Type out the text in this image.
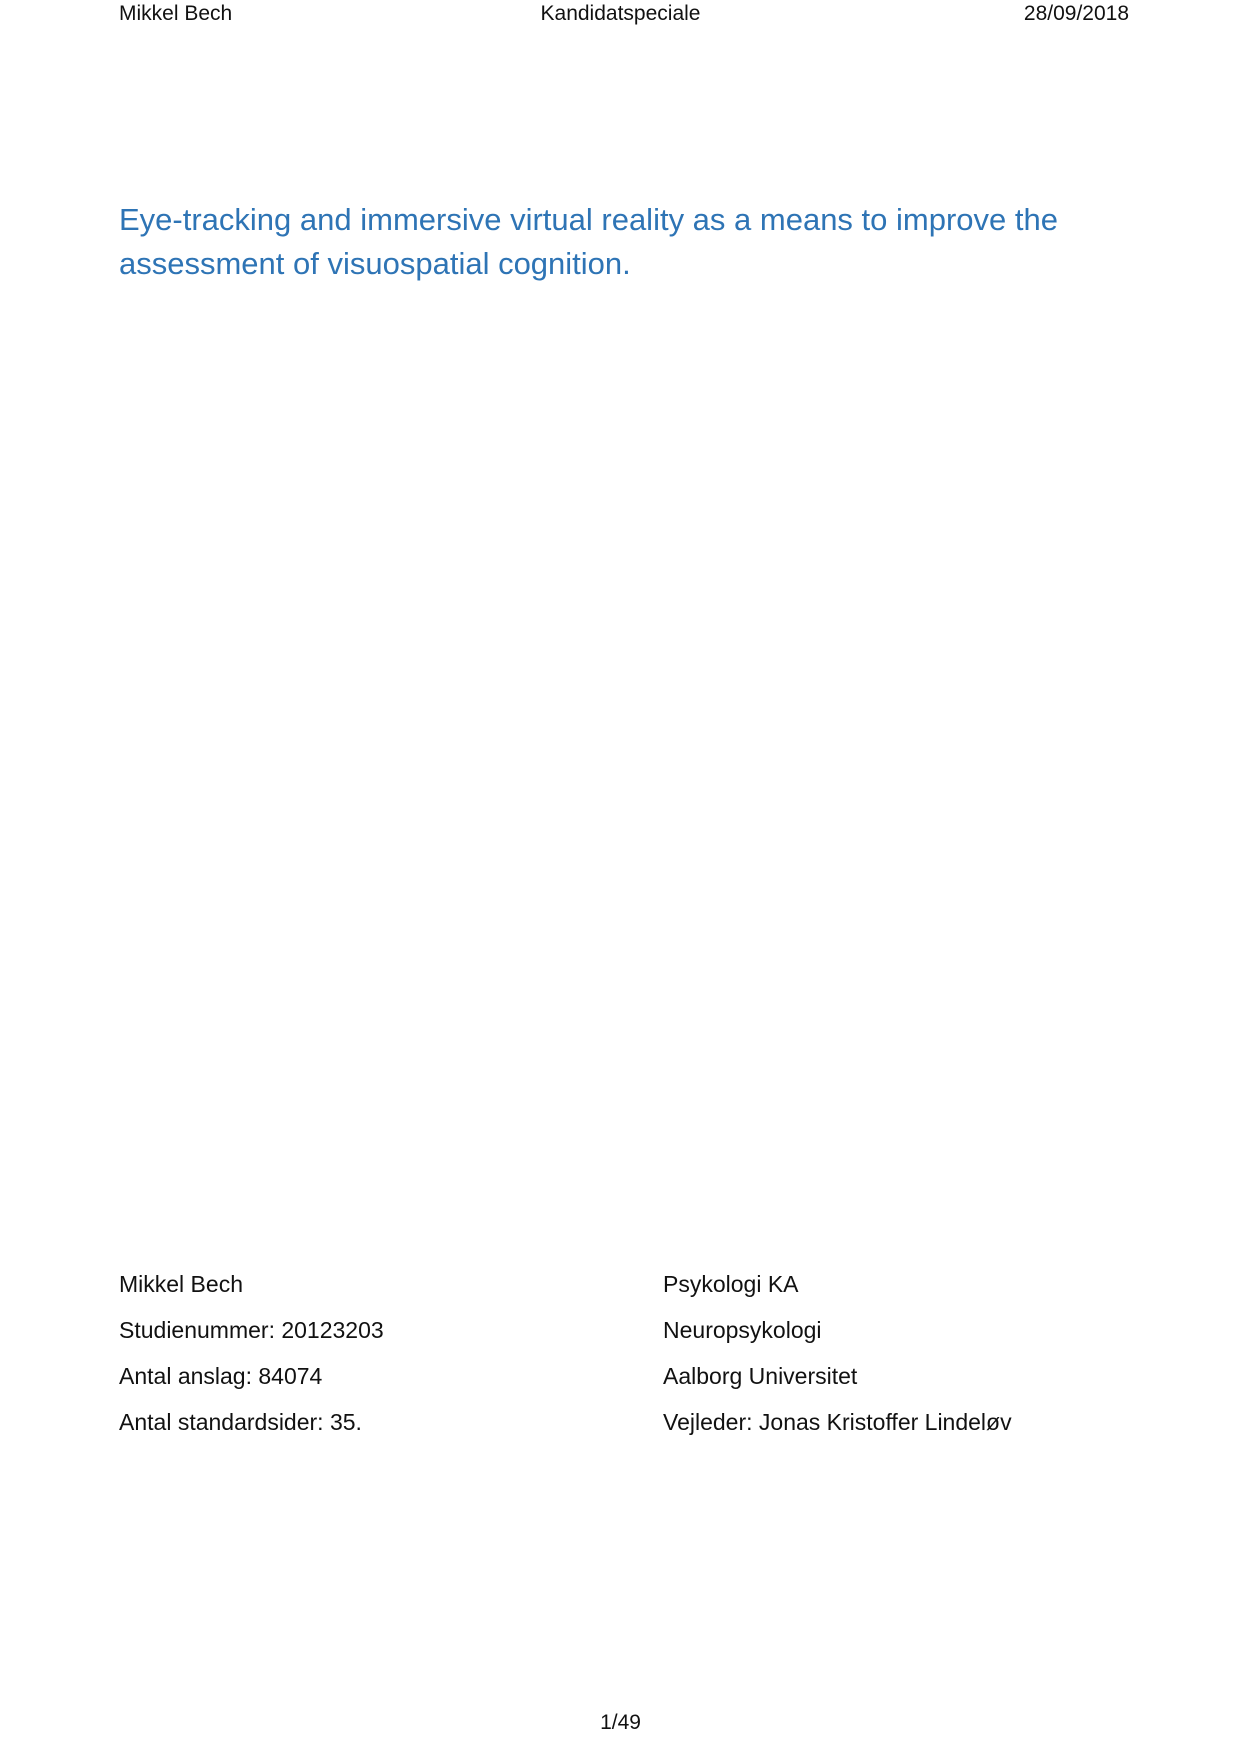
Mikkel Bech	Kandidatspeciale	28/09/2018
Eye-tracking and immersive virtual reality as a means to improve the assessment of visuospatial cognition.
Mikkel Bech
Studienummer: 20123203
Antal anslag: 84074
Antal standardsider: 35.
Psykologi KA
Neuropsykologi
Aalborg Universitet
Vejleder: Jonas Kristoffer Lindeløv
1/49
